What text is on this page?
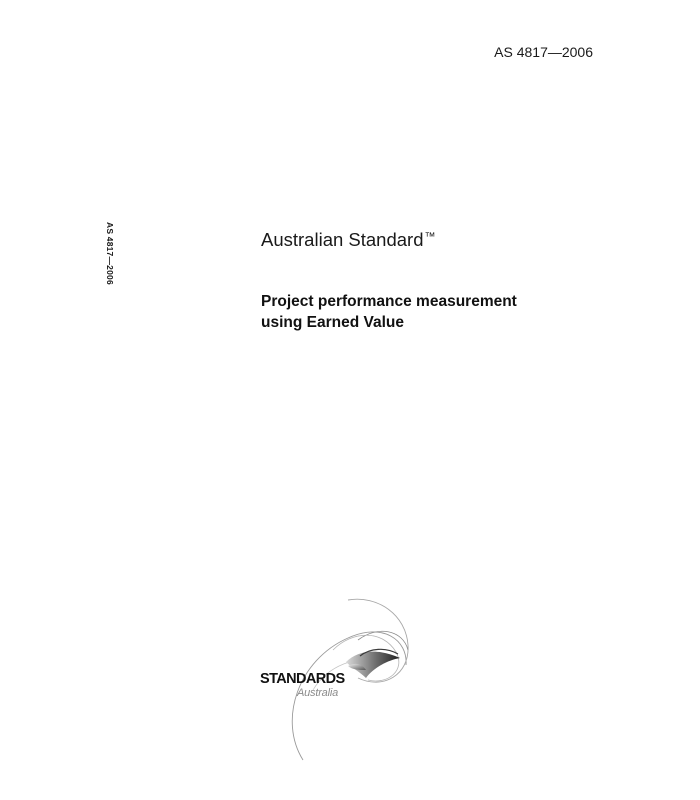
AS 4817—2006
AS 4817—2006	Australian Standard™
Project performance measurement
using Earned Value
STANDARDS
Australia
